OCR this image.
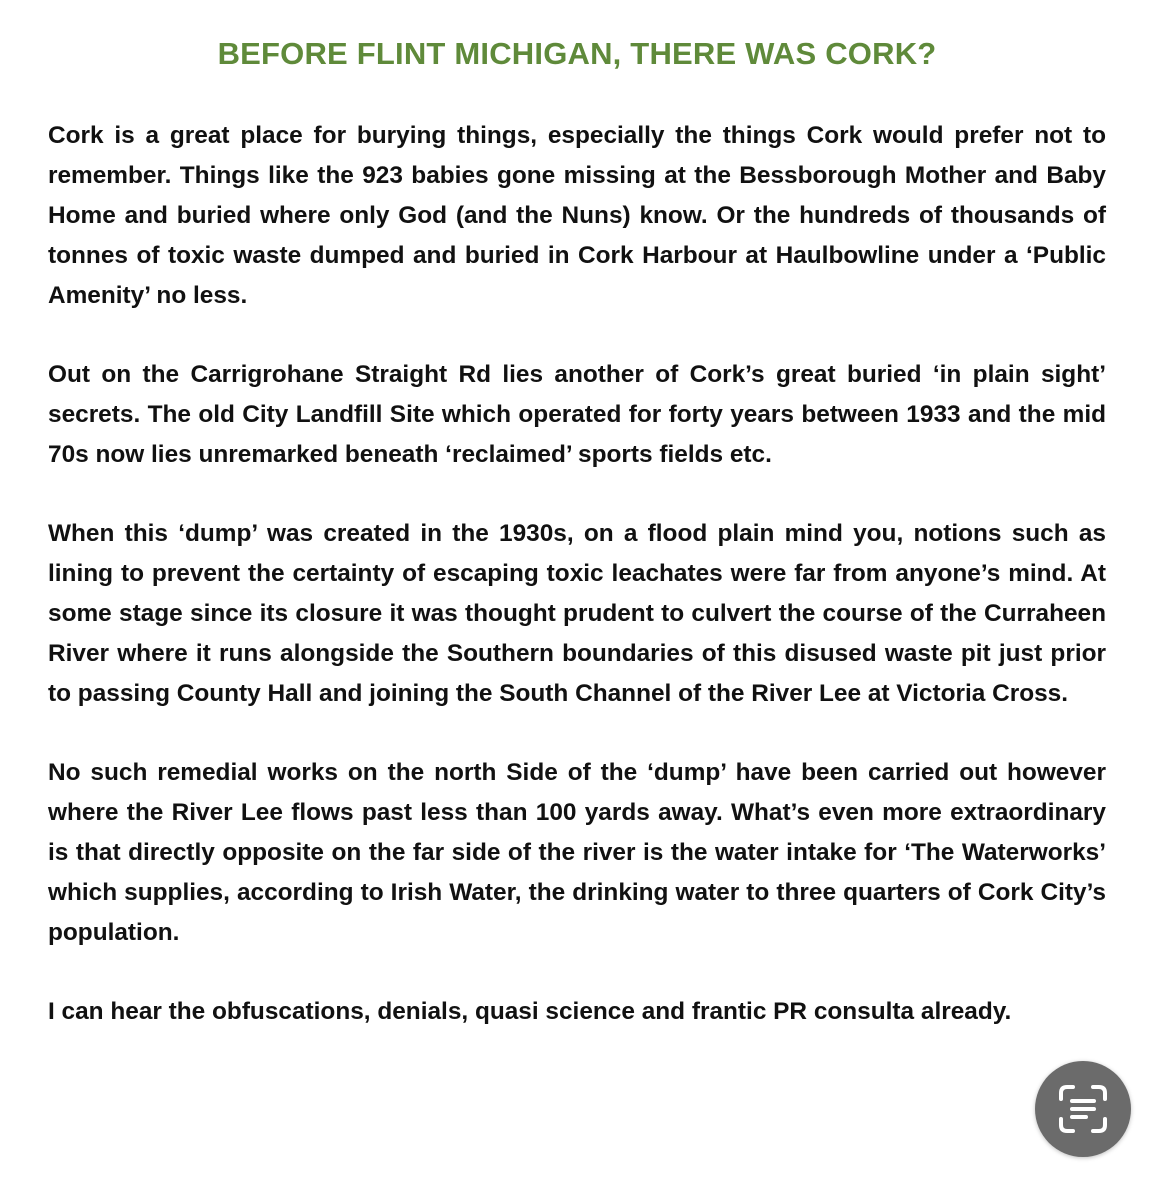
BEFORE FLINT MICHIGAN, THERE WAS CORK?

Cork is a great place for burying things, especially the things Cork would prefer not to remember. Things like the 923 babies gone missing at the Bessborough Mother and Baby Home and buried where only God (and the Nuns) know. Or the hundreds of thousands of tonnes of toxic waste dumped and buried in Cork Harbour at Haulbowline under a ‘Public Amenity’ no less.

Out on the Carrigrohane Straight Rd lies another of Cork’s great buried ‘in plain sight’ secrets. The old City Landfill Site which operated for forty years between 1933 and the mid 70s now lies unremarked beneath ‘reclaimed’ sports fields etc.

When this ‘dump’ was created in the 1930s, on a flood plain mind you, notions such as lining to prevent the certainty of escaping toxic leachates were far from anyone’s mind. At some stage since its closure it was thought prudent to culvert the course of the Curraheen River where it runs alongside the Southern boundaries of this disused waste pit just prior to passing County Hall and joining the South Channel of the River Lee at Victoria Cross.

No such remedial works on the north Side of the ‘dump’ have been carried out however where the River Lee flows past less than 100 yards away. What’s even more extraordinary is that directly opposite on the far side of the river is the water intake for ‘The Waterworks’ which supplies, according to Irish Water, the drinking water to three quarters of Cork City’s population.

I can hear the obfuscations, denials, quasi science and frantic PR consulta already.
